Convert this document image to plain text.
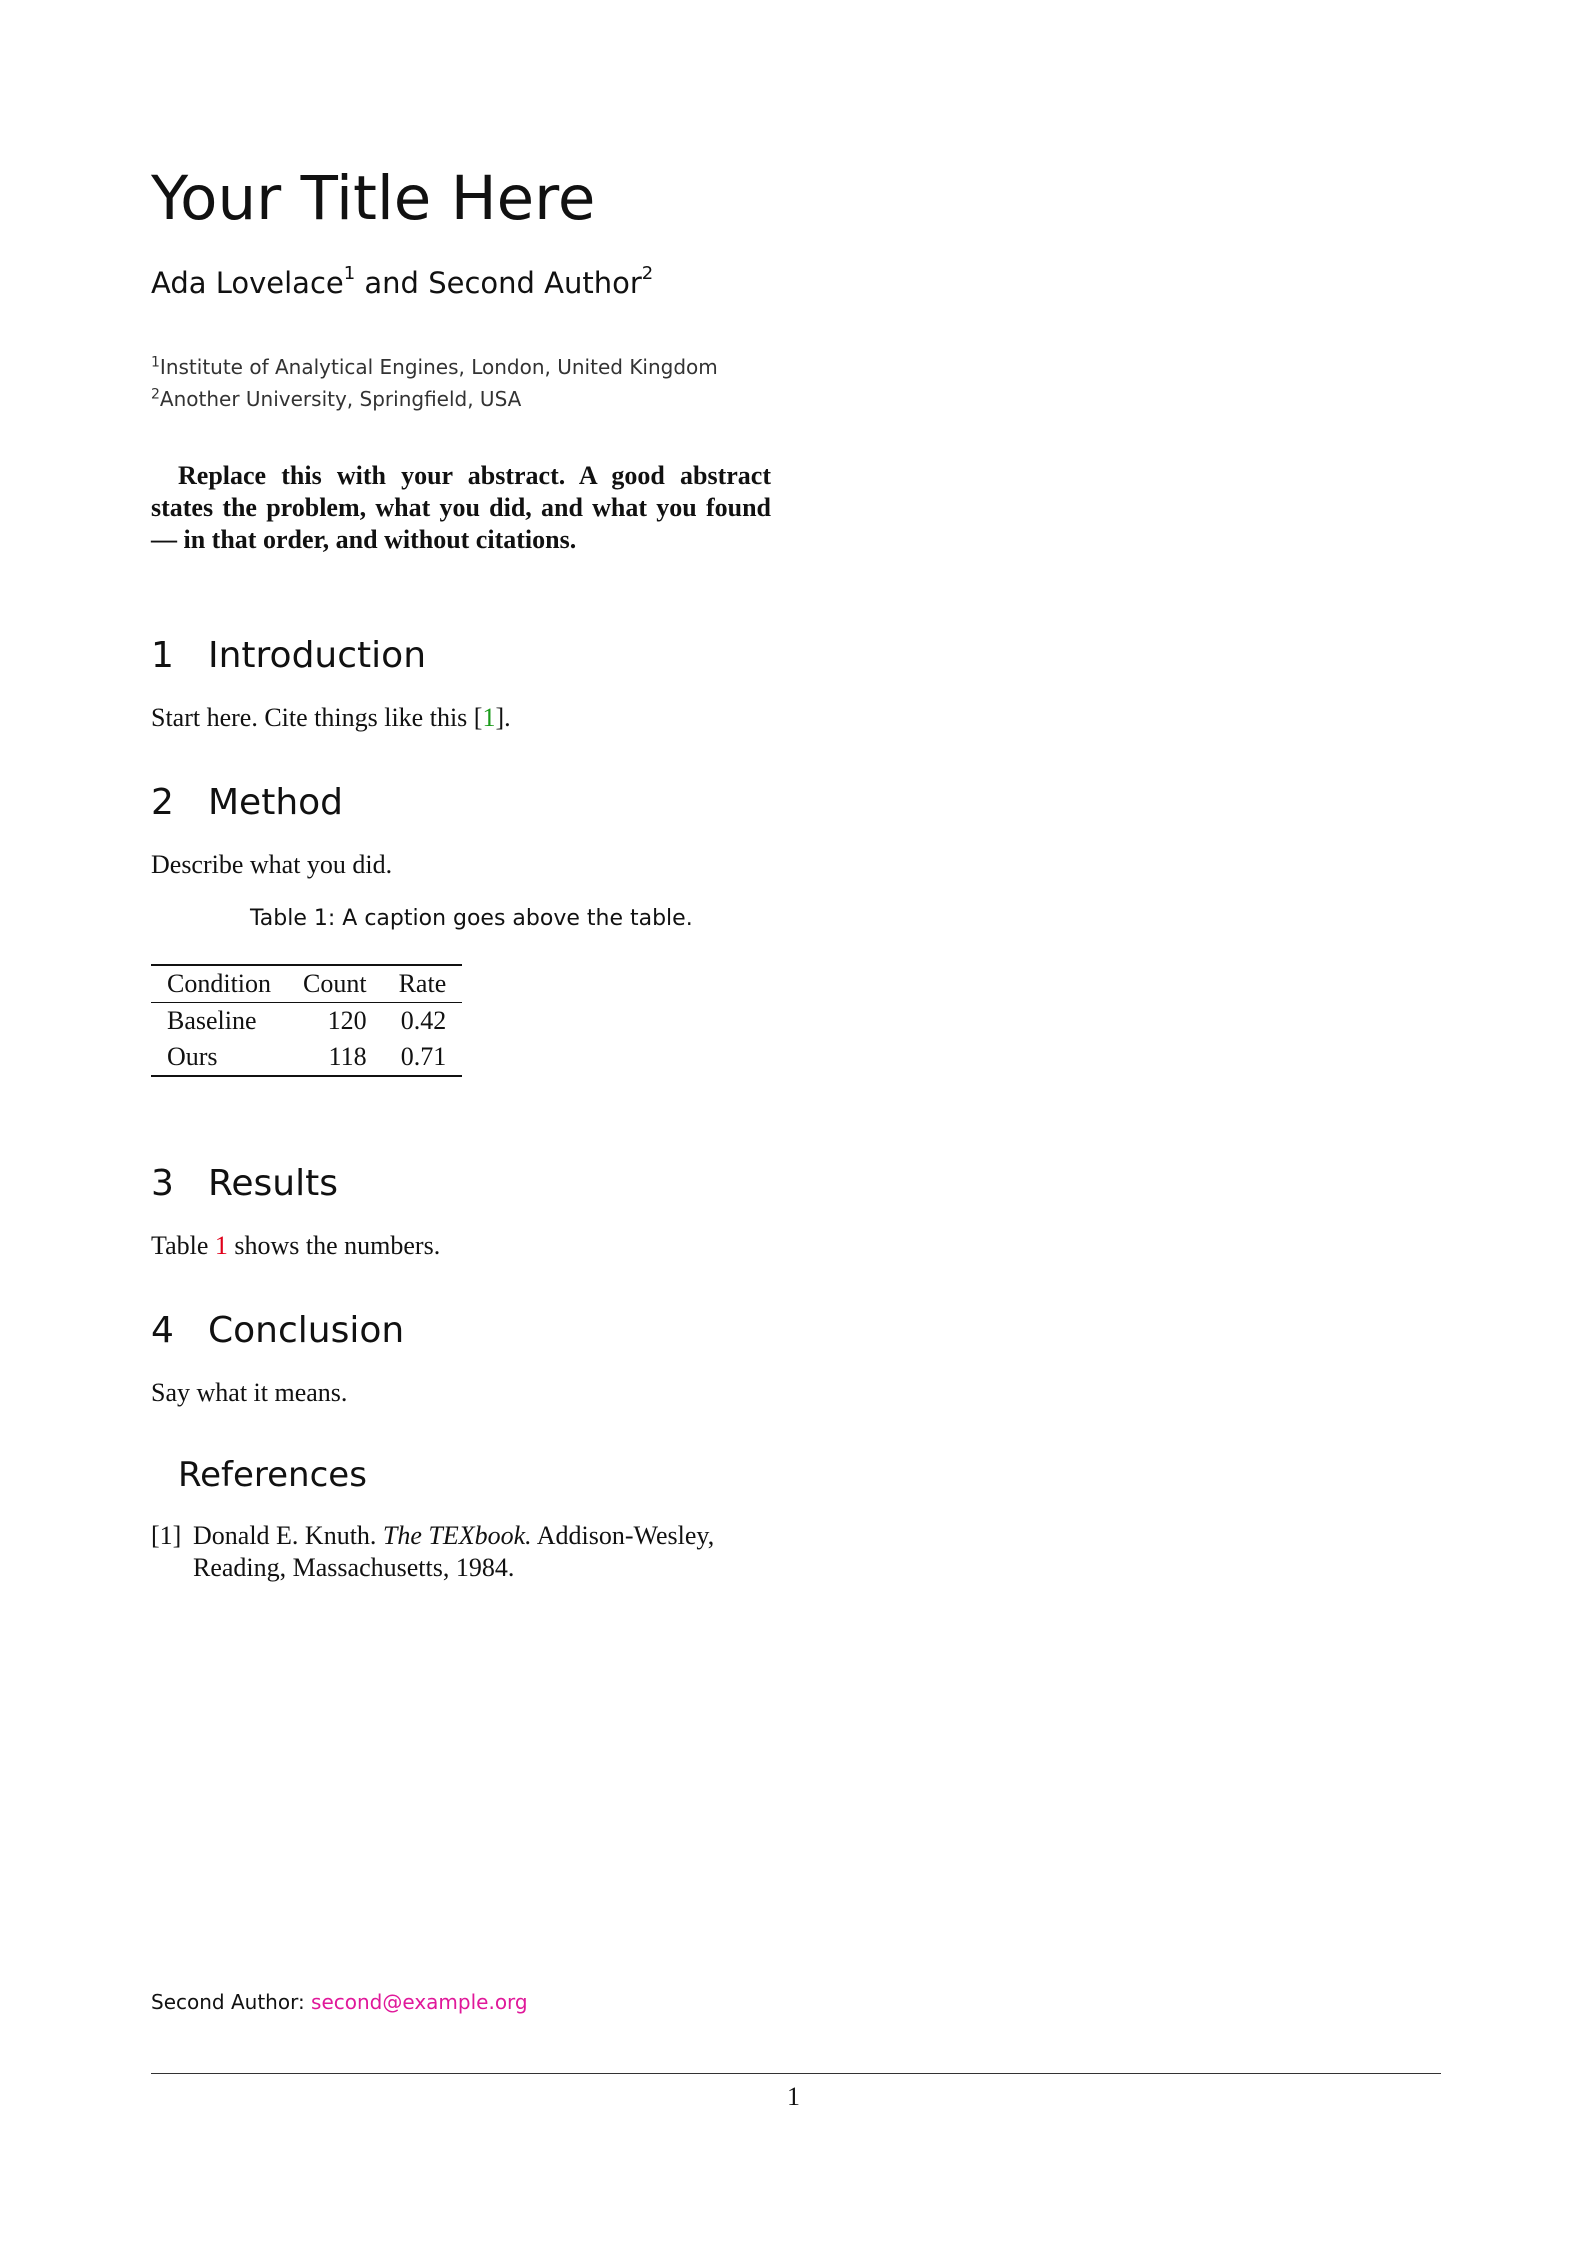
Your Title Here
Ada Lovelace$^1$ and Second Author$^2$
$^1$Institute of Analytical Engines, London, United Kingdom
$^2$Another University, Springfield, USA

Replace this with your abstract. A good abstract states the problem, what you did, and what you found — in that order, and without citations.

1 Introduction

Start here. Cite things like this [1].

2 Method

Describe what you did.

Table 1: A caption goes above the table.
Condition	Count	Rate
Baseline	120	0.42
Ours	118	0.71
3 Results

Table 1 shows the numbers.

4 Conclusion

Say what it means.

References
[1] Donald E. Knuth. The TEXbook. Addison-Wesley, Reading, Massachusetts, 1984.
Second Author: second@example.org
1
